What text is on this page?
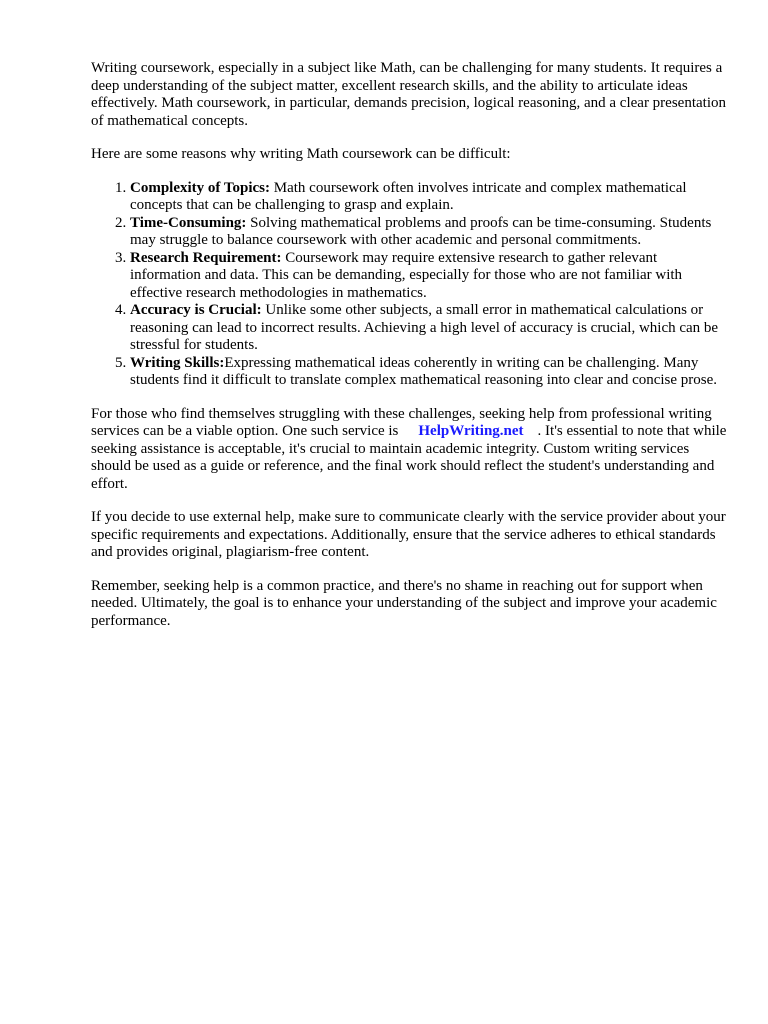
Writing coursework, especially in a subject like Math, can be challenging for many students. It requires a deep understanding of the subject matter, excellent research skills, and the ability to articulate ideas effectively. Math coursework, in particular, demands precision, logical reasoning, and a clear presentation of mathematical concepts.

Here are some reasons why writing Math coursework can be difficult:

1. Complexity of Topics: Math coursework often involves intricate and complex mathematical concepts that can be challenging to grasp and explain.
2. Time-Consuming: Solving mathematical problems and proofs can be time-consuming. Students may struggle to balance coursework with other academic and personal commitments.
3. Research Requirement: Coursework may require extensive research to gather relevant information and data. This can be demanding, especially for those who are not familiar with effective research methodologies in mathematics.
4. Accuracy is Crucial: Unlike some other subjects, a small error in mathematical calculations or reasoning can lead to incorrect results. Achieving a high level of accuracy is crucial, which can be stressful for students.
5. Writing Skills:Expressing mathematical ideas coherently in writing can be challenging. Many students find it difficult to translate complex mathematical reasoning into clear and concise prose.

For those who find themselves struggling with these challenges, seeking help from professional writing services can be a viable option. One such service is HelpWriting.net . It's essential to note that while seeking assistance is acceptable, it's crucial to maintain academic integrity. Custom writing services should be used as a guide or reference, and the final work should reflect the student's understanding and effort.

If you decide to use external help, make sure to communicate clearly with the service provider about your specific requirements and expectations. Additionally, ensure that the service adheres to ethical standards and provides original, plagiarism-free content.

Remember, seeking help is a common practice, and there's no shame in reaching out for support when needed. Ultimately, the goal is to enhance your understanding of the subject and improve your academic performance.
